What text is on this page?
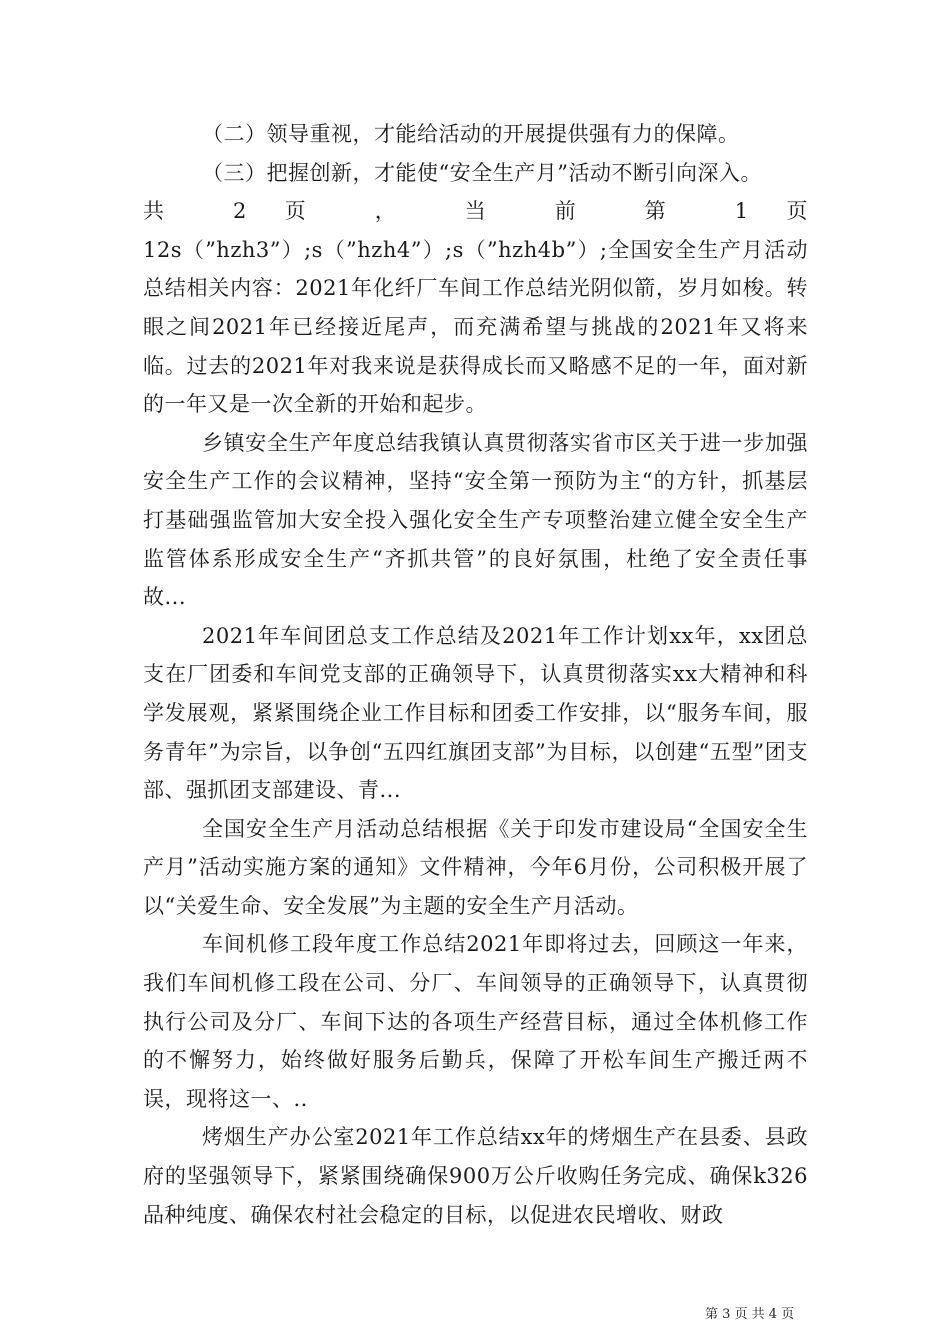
（二）领导重视，才能给活动的开展提供强有力的保障。

（三）把握创新，才能使“安全生产月”活动不断引向深入。

共 2 页 ， 当 前 第 1 页

12s（”hzh3”）;s（”hzh4”）;s（”hzh4b”）;全国安全生产月活动总结相关内容：2021年化纤厂车间工作总结光阴似箭，岁月如梭。转眼之间2021年已经接近尾声，而充满希望与挑战的2021年又将来临。过去的2021年对我来说是获得成长而又略感不足的一年，面对新的一年又是一次全新的开始和起步。

乡镇安全生产年度总结我镇认真贯彻落实省市区关于进一步加强安全生产工作的会议精神，坚持“安全第一预防为主“的方针，抓基层打基础强监管加大安全投入强化安全生产专项整治建立健全安全生产监管体系形成安全生产“齐抓共管”的良好氛围，杜绝了安全责任事故...

2021年车间团总支工作总结及2021年工作计划xx年，xx团总支在厂团委和车间党支部的正确领导下，认真贯彻落实xx大精神和科学发展观，紧紧围绕企业工作目标和团委工作安排，以“服务车间，服务青年”为宗旨，以争创“五四红旗团支部”为目标，以创建“五型”团支部、强抓团支部建设、青...

全国安全生产月活动总结根据《关于印发市建设局“全国安全生产月”活动实施方案的通知》文件精神，今年6月份，公司积极开展了以“关爱生命、安全发展”为主题的安全生产月活动。

车间机修工段年度工作总结2021年即将过去，回顾这一年来，我们车间机修工段在公司、分厂、车间领导的正确领导下，认真贯彻执行公司及分厂、车间下达的各项生产经营目标，通过全体机修工作的不懈努力，始终做好服务后勤兵，保障了开松车间生产搬迁两不误，现将这一、..

烤烟生产办公室2021年工作总结xx年的烤烟生产在县委、县政府的坚强领导下，紧紧围绕确保900万公斤收购任务完成、确保k326品种纯度、确保农村社会稳定的目标，以促进农民增收、财政

第 3 页 共 4 页
